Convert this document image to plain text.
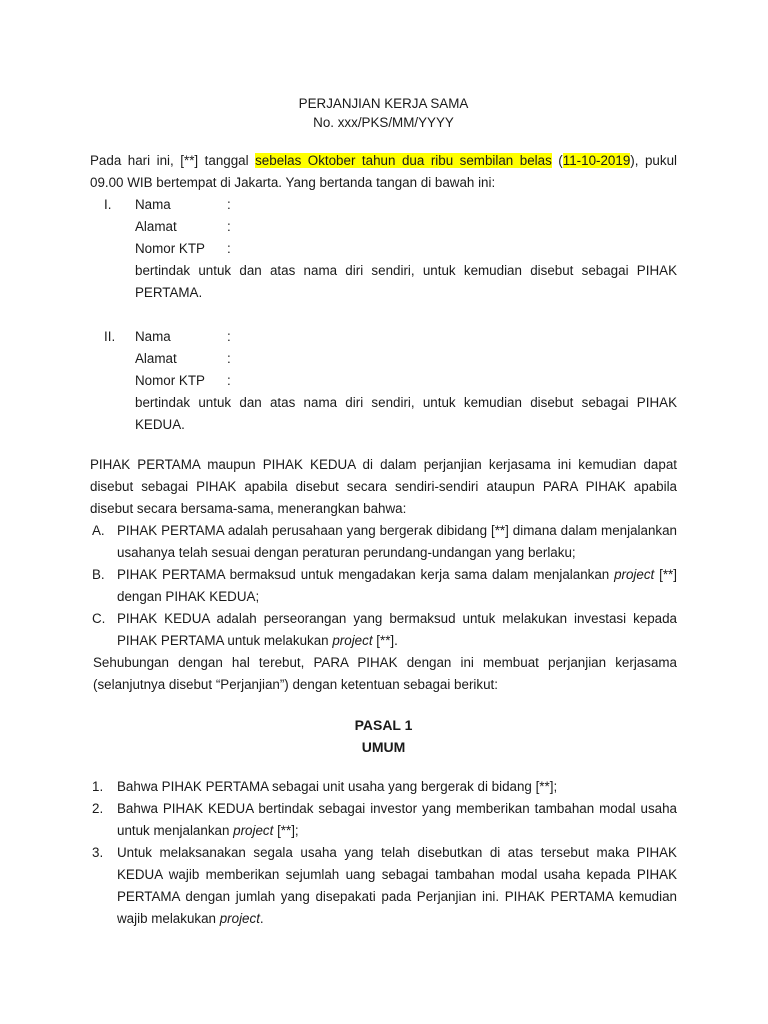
PERJANJIAN KERJA SAMA
No. xxx/PKS/MM/YYYY

Pada hari ini, [**] tanggal sebelas Oktober tahun dua ribu sembilan belas (11-10-2019), pukul 09.00 WIB bertempat di Jakarta. Yang bertanda tangan di bawah ini:

I. Nama	:
Alamat	:
Nomor KTP	:
bertindak untuk dan atas nama diri sendiri, untuk kemudian disebut sebagai PIHAK PERTAMA.
II. Nama	:
Alamat	:
Nomor KTP	:
bertindak untuk dan atas nama diri sendiri, untuk kemudian disebut sebagai PIHAK KEDUA.

PIHAK PERTAMA maupun PIHAK KEDUA di dalam perjanjian kerjasama ini kemudian dapat disebut sebagai PIHAK apabila disebut secara sendiri-sendiri ataupun PARA PIHAK apabila disebut secara bersama-sama, menerangkan bahwa:

A. PIHAK PERTAMA adalah perusahaan yang bergerak dibidang [**] dimana dalam menjalankan usahanya telah sesuai dengan peraturan perundang-undangan yang berlaku;
B. PIHAK PERTAMA bermaksud untuk mengadakan kerja sama dalam menjalankan project [**] dengan PIHAK KEDUA;
C. PIHAK KEDUA adalah perseorangan yang bermaksud untuk melakukan investasi kepada PIHAK PERTAMA untuk melakukan project [**].

Sehubungan dengan hal terebut, PARA PIHAK dengan ini membuat perjanjian kerjasama (selanjutnya disebut “Perjanjian”) dengan ketentuan sebagai berikut:

PASAL 1
UMUM
1. Bahwa PIHAK PERTAMA sebagai unit usaha yang bergerak di bidang [**];
2. Bahwa PIHAK KEDUA bertindak sebagai investor yang memberikan tambahan modal usaha untuk menjalankan project [**];
3. Untuk melaksanakan segala usaha yang telah disebutkan di atas tersebut maka PIHAK KEDUA wajib memberikan sejumlah uang sebagai tambahan modal usaha kepada PIHAK PERTAMA dengan jumlah yang disepakati pada Perjanjian ini. PIHAK PERTAMA kemudian wajib melakukan project.
